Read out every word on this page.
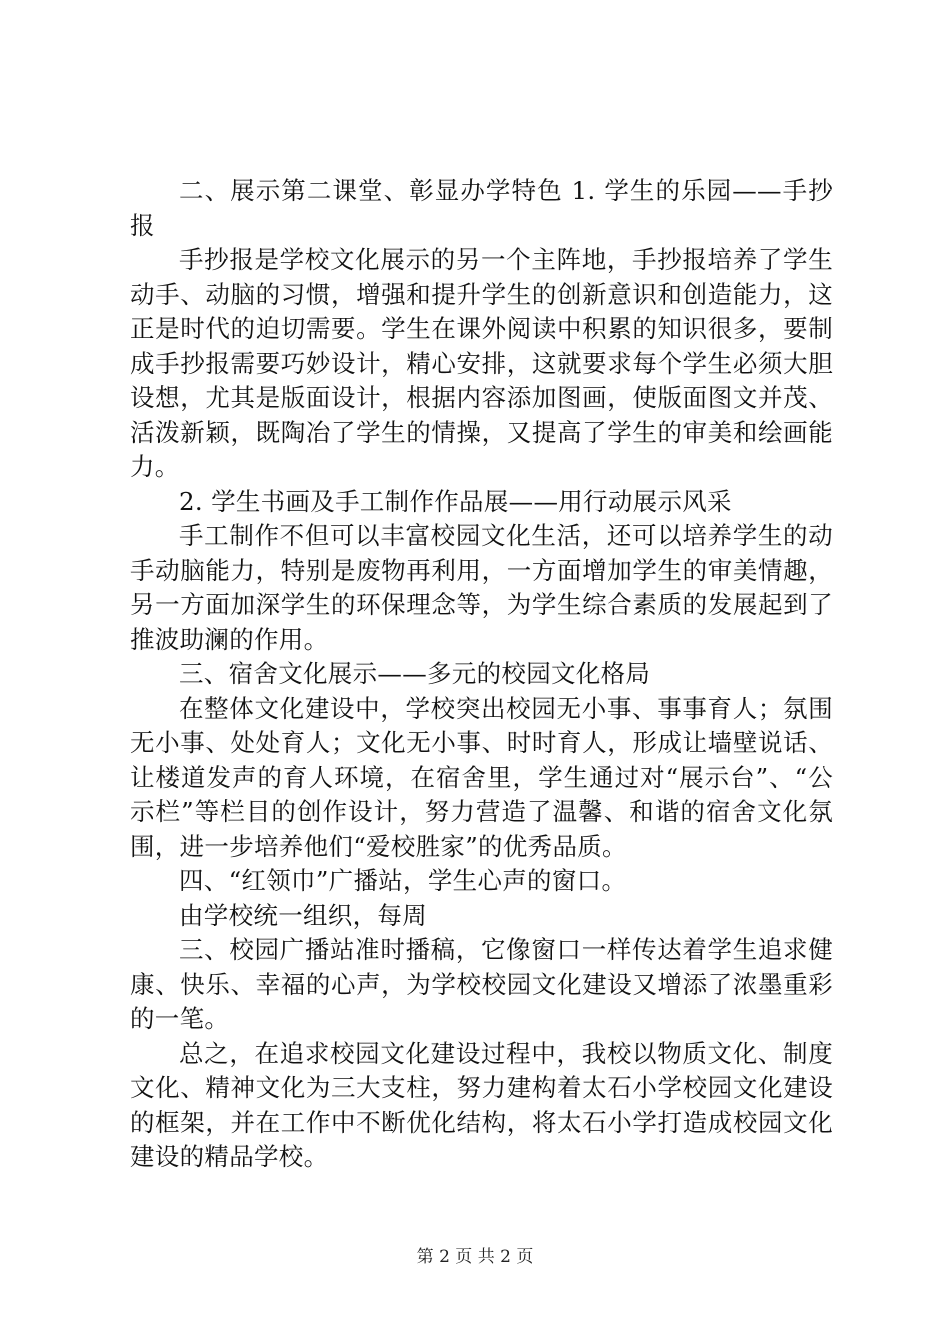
二、展示第二课堂、彰显办学特色 1. 学生的乐园——手抄报

手抄报是学校文化展示的另一个主阵地，手抄报培养了学生动手、动脑的习惯，增强和提升学生的创新意识和创造能力，这正是时代的迫切需要。学生在课外阅读中积累的知识很多，要制成手抄报需要巧妙设计，精心安排，这就要求每个学生必须大胆设想，尤其是版面设计，根据内容添加图画，使版面图文并茂、活泼新颖，既陶冶了学生的情操，又提高了学生的审美和绘画能力。

2. 学生书画及手工制作作品展——用行动展示风采

手工制作不但可以丰富校园文化生活，还可以培养学生的动手动脑能力，特别是废物再利用，一方面增加学生的审美情趣，另一方面加深学生的环保理念等，为学生综合素质的发展起到了推波助澜的作用。

三、宿舍文化展示——多元的校园文化格局

在整体文化建设中，学校突出校园无小事、事事育人；氛围无小事、处处育人；文化无小事、时时育人，形成让墙壁说话、让楼道发声的育人环境，在宿舍里，学生通过对“展示台”、“公示栏”等栏目的创作设计，努力营造了温馨、和谐的宿舍文化氛围，进一步培养他们“爱校胜家”的优秀品质。

四、“红领巾”广播站，学生心声的窗口。

由学校统一组织，每周

三、校园广播站准时播稿，它像窗口一样传达着学生追求健康、快乐、幸福的心声，为学校校园文化建设又增添了浓墨重彩的一笔。

总之，在追求校园文化建设过程中，我校以物质文化、制度文化、精神文化为三大支柱，努力建构着太石小学校园文化建设的框架，并在工作中不断优化结构，将太石小学打造成校园文化建设的精品学校。

第 2 页 共 2 页
